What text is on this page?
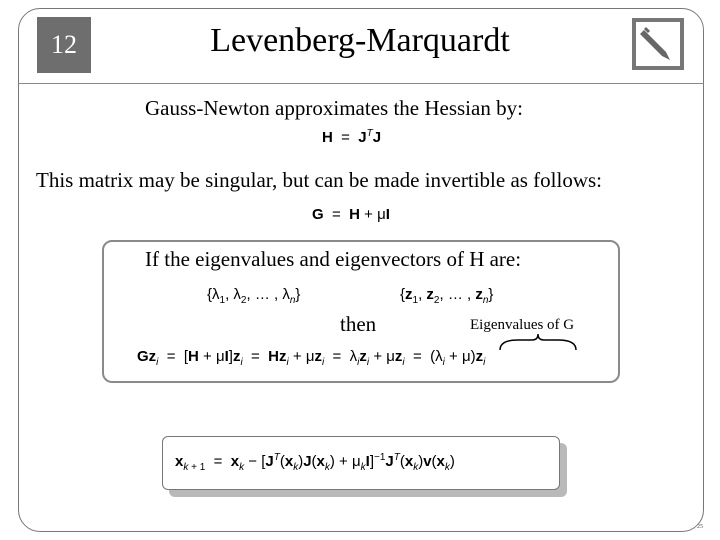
12	Levenberg-Marquardt
Gauss-Newton approximates the Hessian by:
$H = J^TJ$
This matrix may be singular, but can be made invertible as follows:
G  =  H + μI
If the eigenvalues and eigenvectors of H are:
{$\lambda_1$, $\lambda_2$, … , $\lambda_n$}	{$z_1$, $z_2$, … , $z_n$}
then	Eigenvalues of G
$Gz_i = [H + \mu I]z_i = Hz_i + \mu z_i = \lambda_iz_i + \mu z_i = (\lambda_i + \mu)z_i$
$x_{k + 1} = x_k - [J^T(x_k)J(x_k) + \mu_kI]^{-1}J^T(x_k)v(x_k)$
25
